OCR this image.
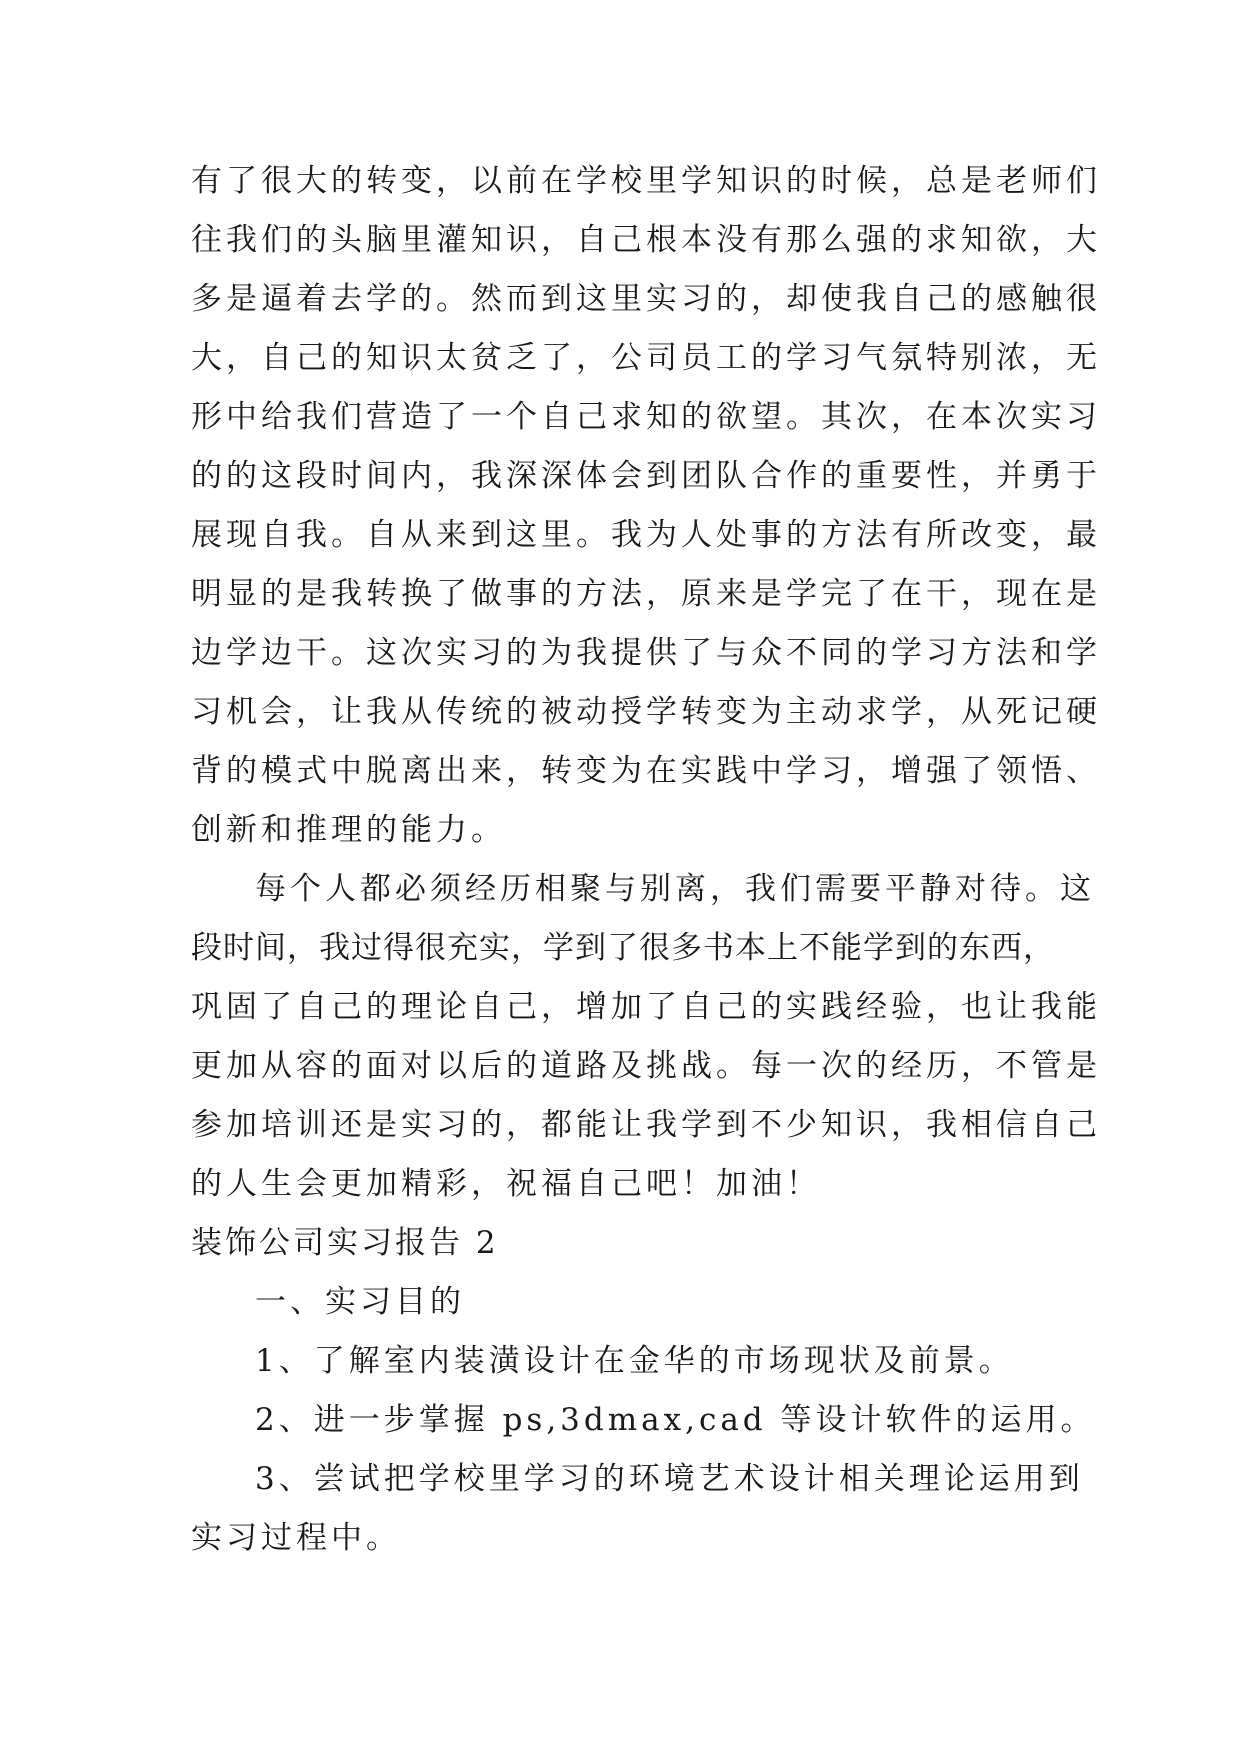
有了很大的转变，以前在学校里学知识的时候，总是老师们
往我们的头脑里灌知识，自己根本没有那么强的求知欲，大
多是逼着去学的。然而到这里实习的，却使我自己的感触很
大，自己的知识太贫乏了，公司员工的学习气氛特别浓，无
形中给我们营造了一个自己求知的欲望。其次，在本次实习
的的这段时间内，我深深体会到团队合作的重要性，并勇于
展现自我。自从来到这里。我为人处事的方法有所改变，最
明显的是我转换了做事的方法，原来是学完了在干，现在是
边学边干。这次实习的为我提供了与众不同的学习方法和学
习机会，让我从传统的被动授学转变为主动求学，从死记硬
背的模式中脱离出来，转变为在实践中学习，增强了领悟、
创新和推理的能力。
每个人都必须经历相聚与别离，我们需要平静对待。这
段时间，我过得很充实，学到了很多书本上不能学到的东西，
巩固了自己的理论自己，增加了自己的实践经验，也让我能
更加从容的面对以后的道路及挑战。每一次的经历，不管是
参加培训还是实习的，都能让我学到不少知识，我相信自己
的人生会更加精彩，祝福自己吧！加油！
装饰公司实习报告 2
一、实习目的
1、了解室内装潢设计在金华的市场现状及前景。
2、进一步掌握 ps,3dmax,cad 等设计软件的运用。
3、尝试把学校里学习的环境艺术设计相关理论运用到
实习过程中。
